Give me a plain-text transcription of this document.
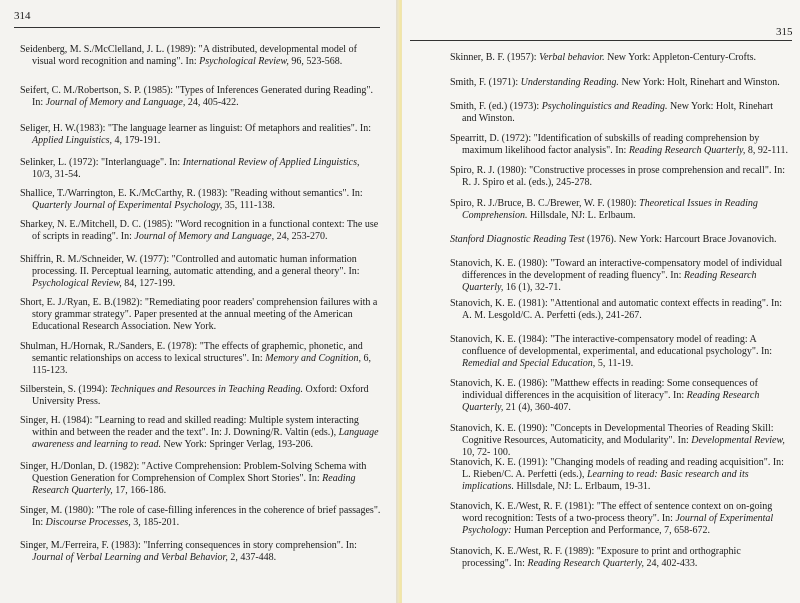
314
Seidenberg, M. S./McClelland, J. L. (1989): "A distributed, developmental model of visual word recognition and naming". In: Psychological Review, 96, 523-568.
Seifert, C. M./Robertson, S. P. (1985): "Types of Inferences Generated during Reading". In: Journal of Memory and Language, 24, 405-422.
Seliger, H. W.(1983): "The language learner as linguist: Of metaphors and realities". In: Applied Linguistics, 4, 179-191.
Selinker, L. (1972): "Interlanguage". In: International Review of Applied Linguistics, 10/3, 31-54.
Shallice, T./Warrington, E. K./McCarthy, R. (1983): "Reading without semantics". In: Quarterly Journal of Experimental Psychology, 35, 111-138.
Sharkey, N. E./Mitchell, D. C. (1985): "Word recognition in a functional context: The use of scripts in reading". In: Journal of Memory and Language, 24, 253-270.
Shiffrin, R. M./Schneider, W. (1977): "Controlled and automatic human information processing. II. Perceptual learning, automatic attending, and a general theory". In: Psychological Review, 84, 127-199.
Short, E. J./Ryan, E. B.(1982): "Remediating poor readers' comprehension failures with a story grammar strategy". Paper presented at the annual meeting of the American Educational Research Association. New York.
Shulman, H./Hornak, R./Sanders, E. (1978): "The effects of graphemic, phonetic, and semantic relationships on access to lexical structures". In: Memory and Cognition, 6, 115-123.
Silberstein, S. (1994): Techniques and Resources in Teaching Reading. Oxford: Oxford University Press.
Singer, H. (1984): "Learning to read and skilled reading: Multiple system interacting within and between the reader and the text". In: J. Downing/R. Valtin (eds.), Language awareness and learning to read. New York: Springer Verlag, 193-206.
Singer, H./Donlan, D. (1982): "Active Comprehension: Problem-Solving Schema with Question Generation for Comprehension of Complex Short Stories". In: Reading Research Quarterly, 17, 166-186.
Singer, M. (1980): "The role of case-filling inferences in the coherence of brief passages". In: Discourse Processes, 3, 185-201.
Singer, M./Ferreira, F. (1983): "Inferring consequences in story comprehension". In: Journal of Verbal Learning and Verbal Behavior, 2, 437-448.
315
Skinner, B. F. (1957): Verbal behavior. New York: Appleton-Century-Crofts.
Smith, F. (1971): Understanding Reading. New York: Holt, Rinehart and Winston.
Smith, F. (ed.) (1973): Psycholinguistics and Reading. New York: Holt, Rinehart and Winston.
Spearritt, D. (1972): "Identification of subskills of reading comprehension by maximum likelihood factor analysis". In: Reading Research Quarterly, 8, 92-111.
Spiro, R. J. (1980): "Constructive processes in prose comprehension and recall". In: R. J. Spiro et al. (eds.), 245-278.
Spiro, R. J./Bruce, B. C./Brewer, W. F. (1980): Theoretical Issues in Reading Comprehension. Hillsdale, NJ: L. Erlbaum.
Stanford Diagnostic Reading Test (1976). New York: Harcourt Brace Jovanovich.
Stanovich, K. E. (1980): "Toward an interactive-compensatory model of individual differences in the development of reading fluency". In: Reading Research Quarterly, 16 (1), 32-71.
Stanovich, K. E. (1981): "Attentional and automatic context effects in reading". In: A. M. Lesgold/C. A. Perfetti (eds.), 241-267.
Stanovich, K. E. (1984): "The interactive-compensatory model of reading: A confluence of developmental, experimental, and educational psychology". In: Remedial and Special Education, 5, 11-19.
Stanovich, K. E. (1986): "Matthew effects in reading: Some consequences of individual differences in the acquisition of literacy". In: Reading Research Quarterly, 21 (4), 360-407.
Stanovich, K. E. (1990): "Concepts in Developmental Theories of Reading Skill: Cognitive Resources, Automaticity, and Modularity". In: Developmental Review, 10, 72- 100.
Stanovich, K. E. (1991): "Changing models of reading and reading acquisition". In: L. Rieben/C. A. Perfetti (eds.), Learning to read: Basic research and its implications. Hillsdale, NJ: L. Erlbaum, 19-31.
Stanovich, K. E./West, R. F. (1981): "The effect of sentence context on on-going word recognition: Tests of a two-process theory". In: Journal of Experimental Psychology: Human Perception and Performance, 7, 658-672.
Stanovich, K. E./West, R. F. (1989): "Exposure to print and orthographic processing". In: Reading Research Quarterly, 24, 402-433.
